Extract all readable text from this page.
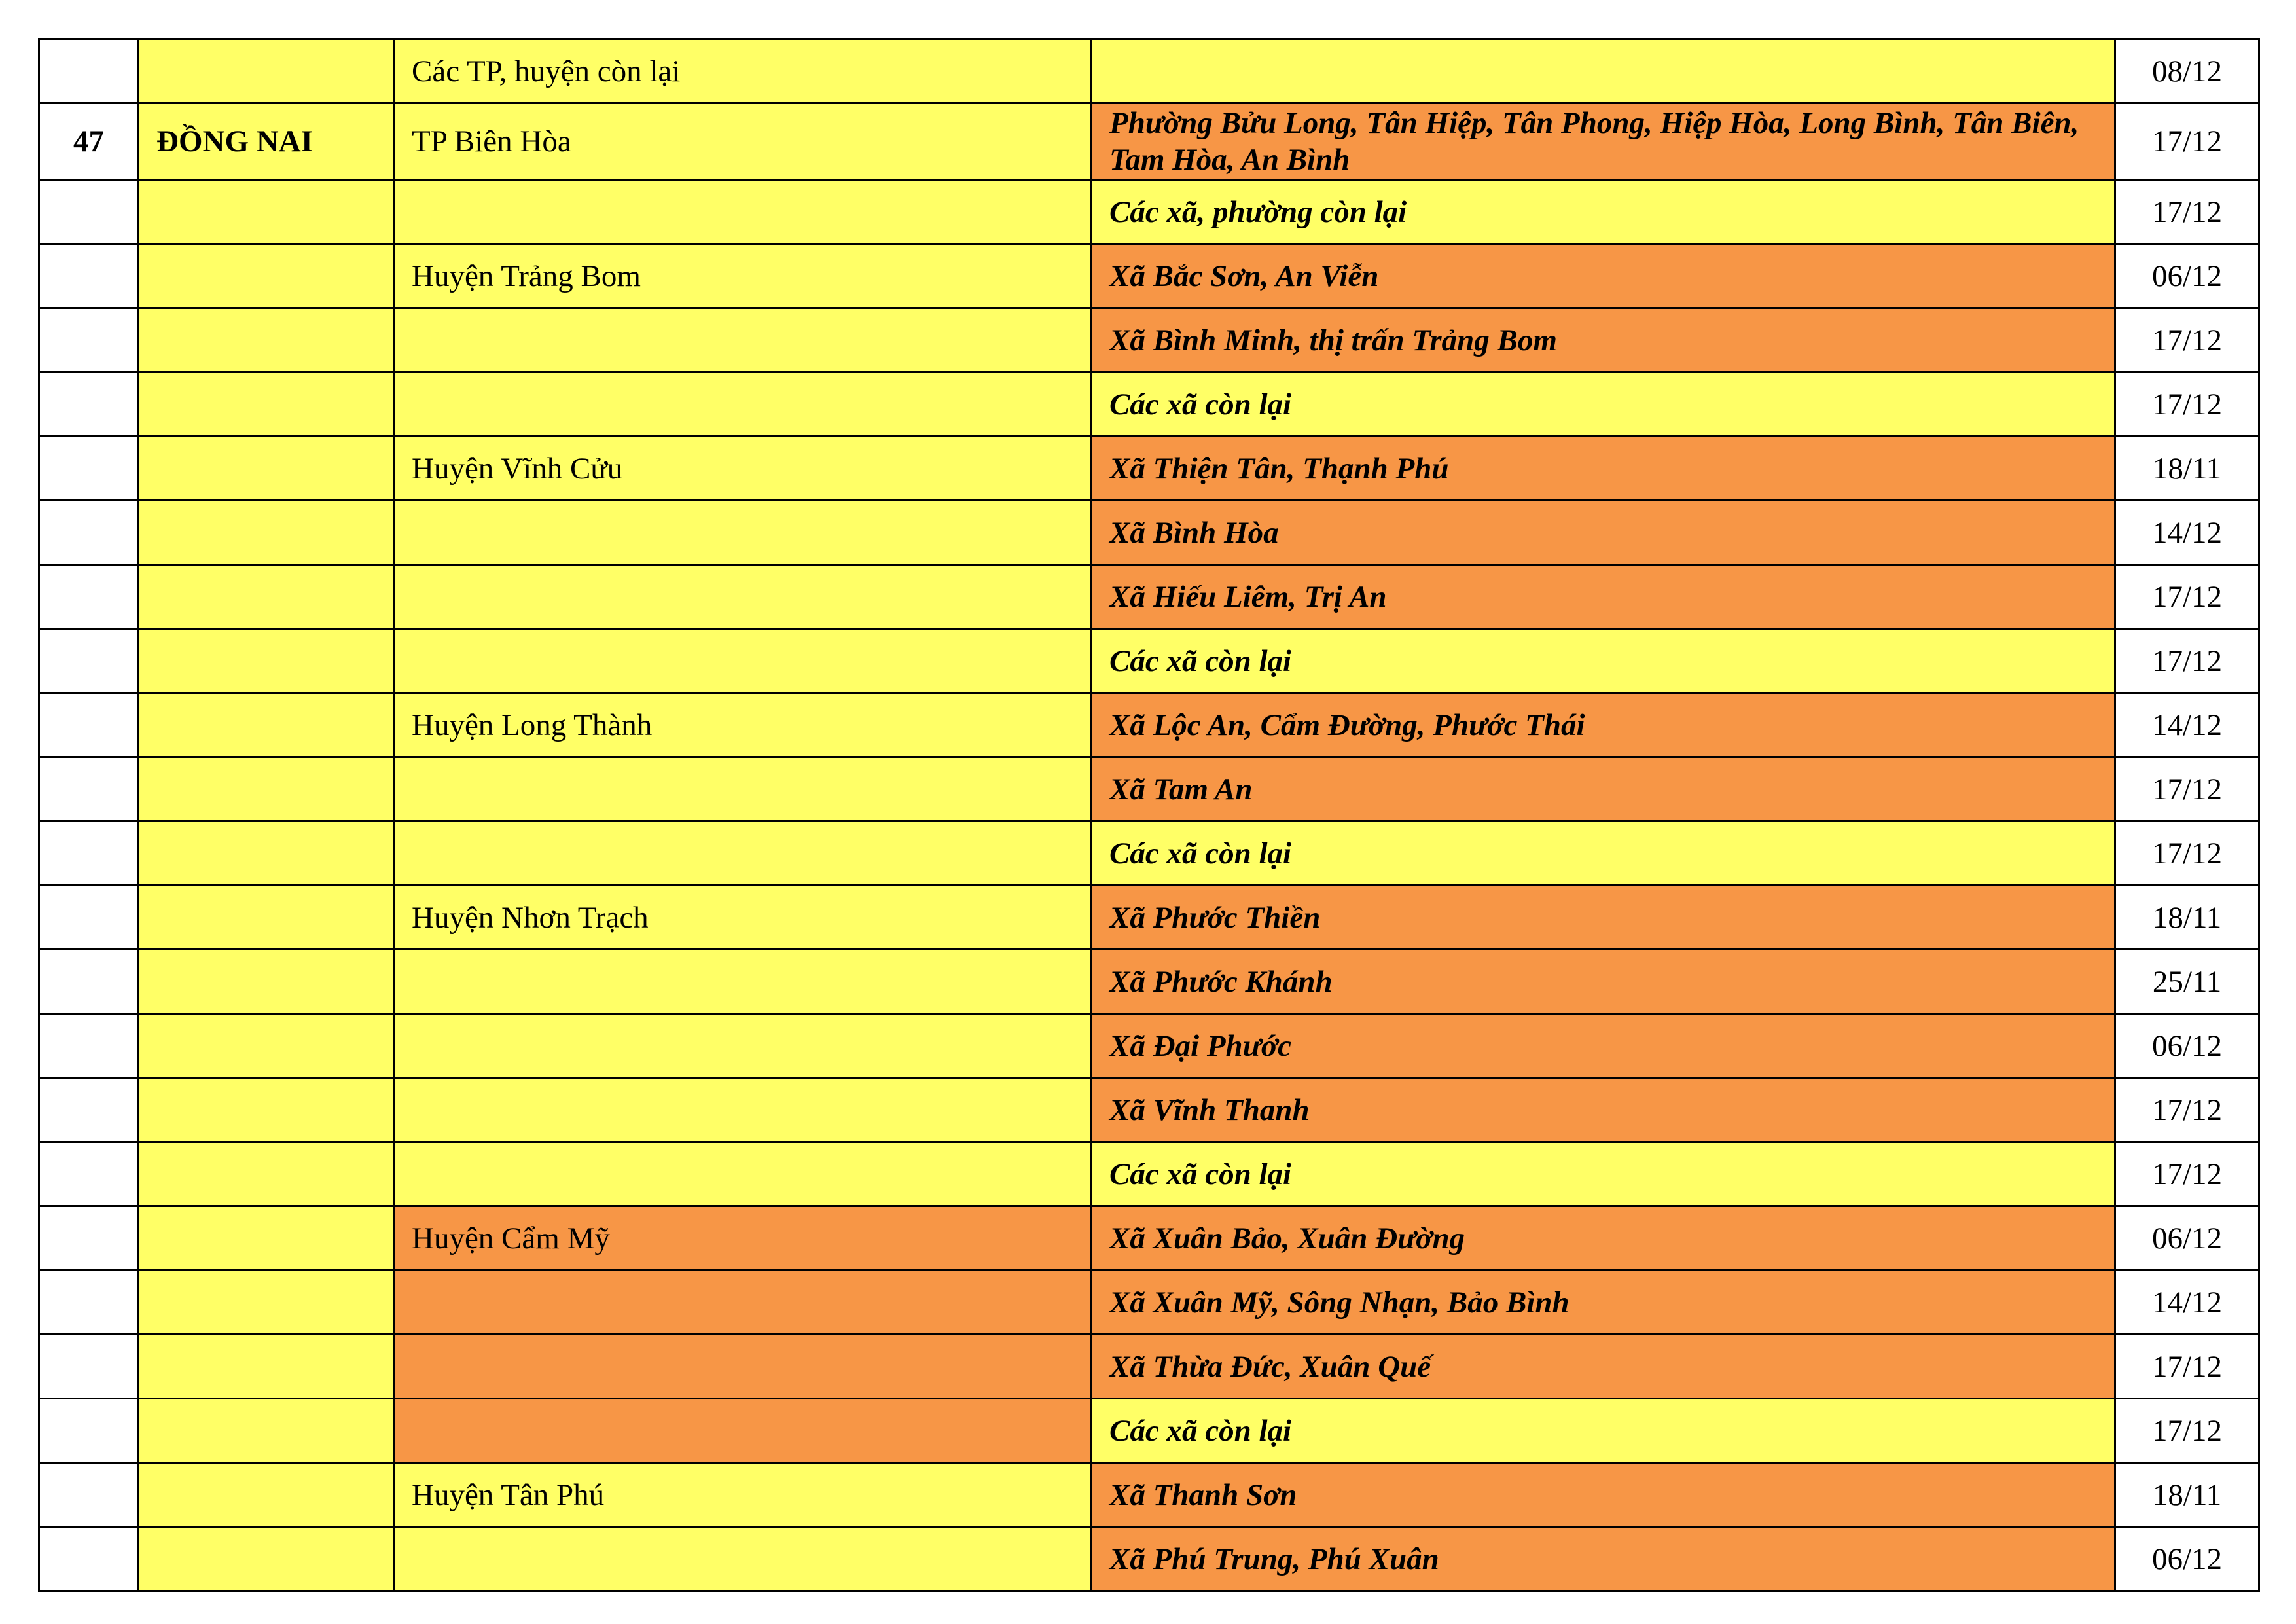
		Các TP, huyện còn lại		08/12
47	ĐỒNG NAI	TP Biên Hòa	Phường Bửu Long, Tân Hiệp, Tân Phong, Hiệp Hòa, Long Bình, Tân Biên, Tam Hòa, An Bình	17/12
			Các xã, phường còn lại	17/12
		Huyện Trảng Bom	Xã Bắc Sơn, An Viễn	06/12
			Xã Bình Minh, thị trấn Trảng Bom	17/12
			Các xã còn lại	17/12
		Huyện Vĩnh Cửu	Xã Thiện Tân, Thạnh Phú	18/11
			Xã Bình Hòa	14/12
			Xã Hiếu Liêm, Trị An	17/12
			Các xã còn lại	17/12
		Huyện Long Thành	Xã Lộc An, Cẩm Đường, Phước Thái	14/12
			Xã Tam An	17/12
			Các xã còn lại	17/12
		Huyện Nhơn Trạch	Xã Phước Thiền	18/11
			Xã Phước Khánh	25/11
			Xã Đại Phước	06/12
			Xã Vĩnh Thanh	17/12
			Các xã còn lại	17/12
		Huyện Cẩm Mỹ	Xã Xuân Bảo, Xuân Đường	06/12
			Xã Xuân Mỹ, Sông Nhạn, Bảo Bình	14/12
			Xã Thừa Đức, Xuân Quế	17/12
			Các xã còn lại	17/12
		Huyện Tân Phú	Xã Thanh Sơn	18/11
			Xã Phú Trung, Phú Xuân	06/12
